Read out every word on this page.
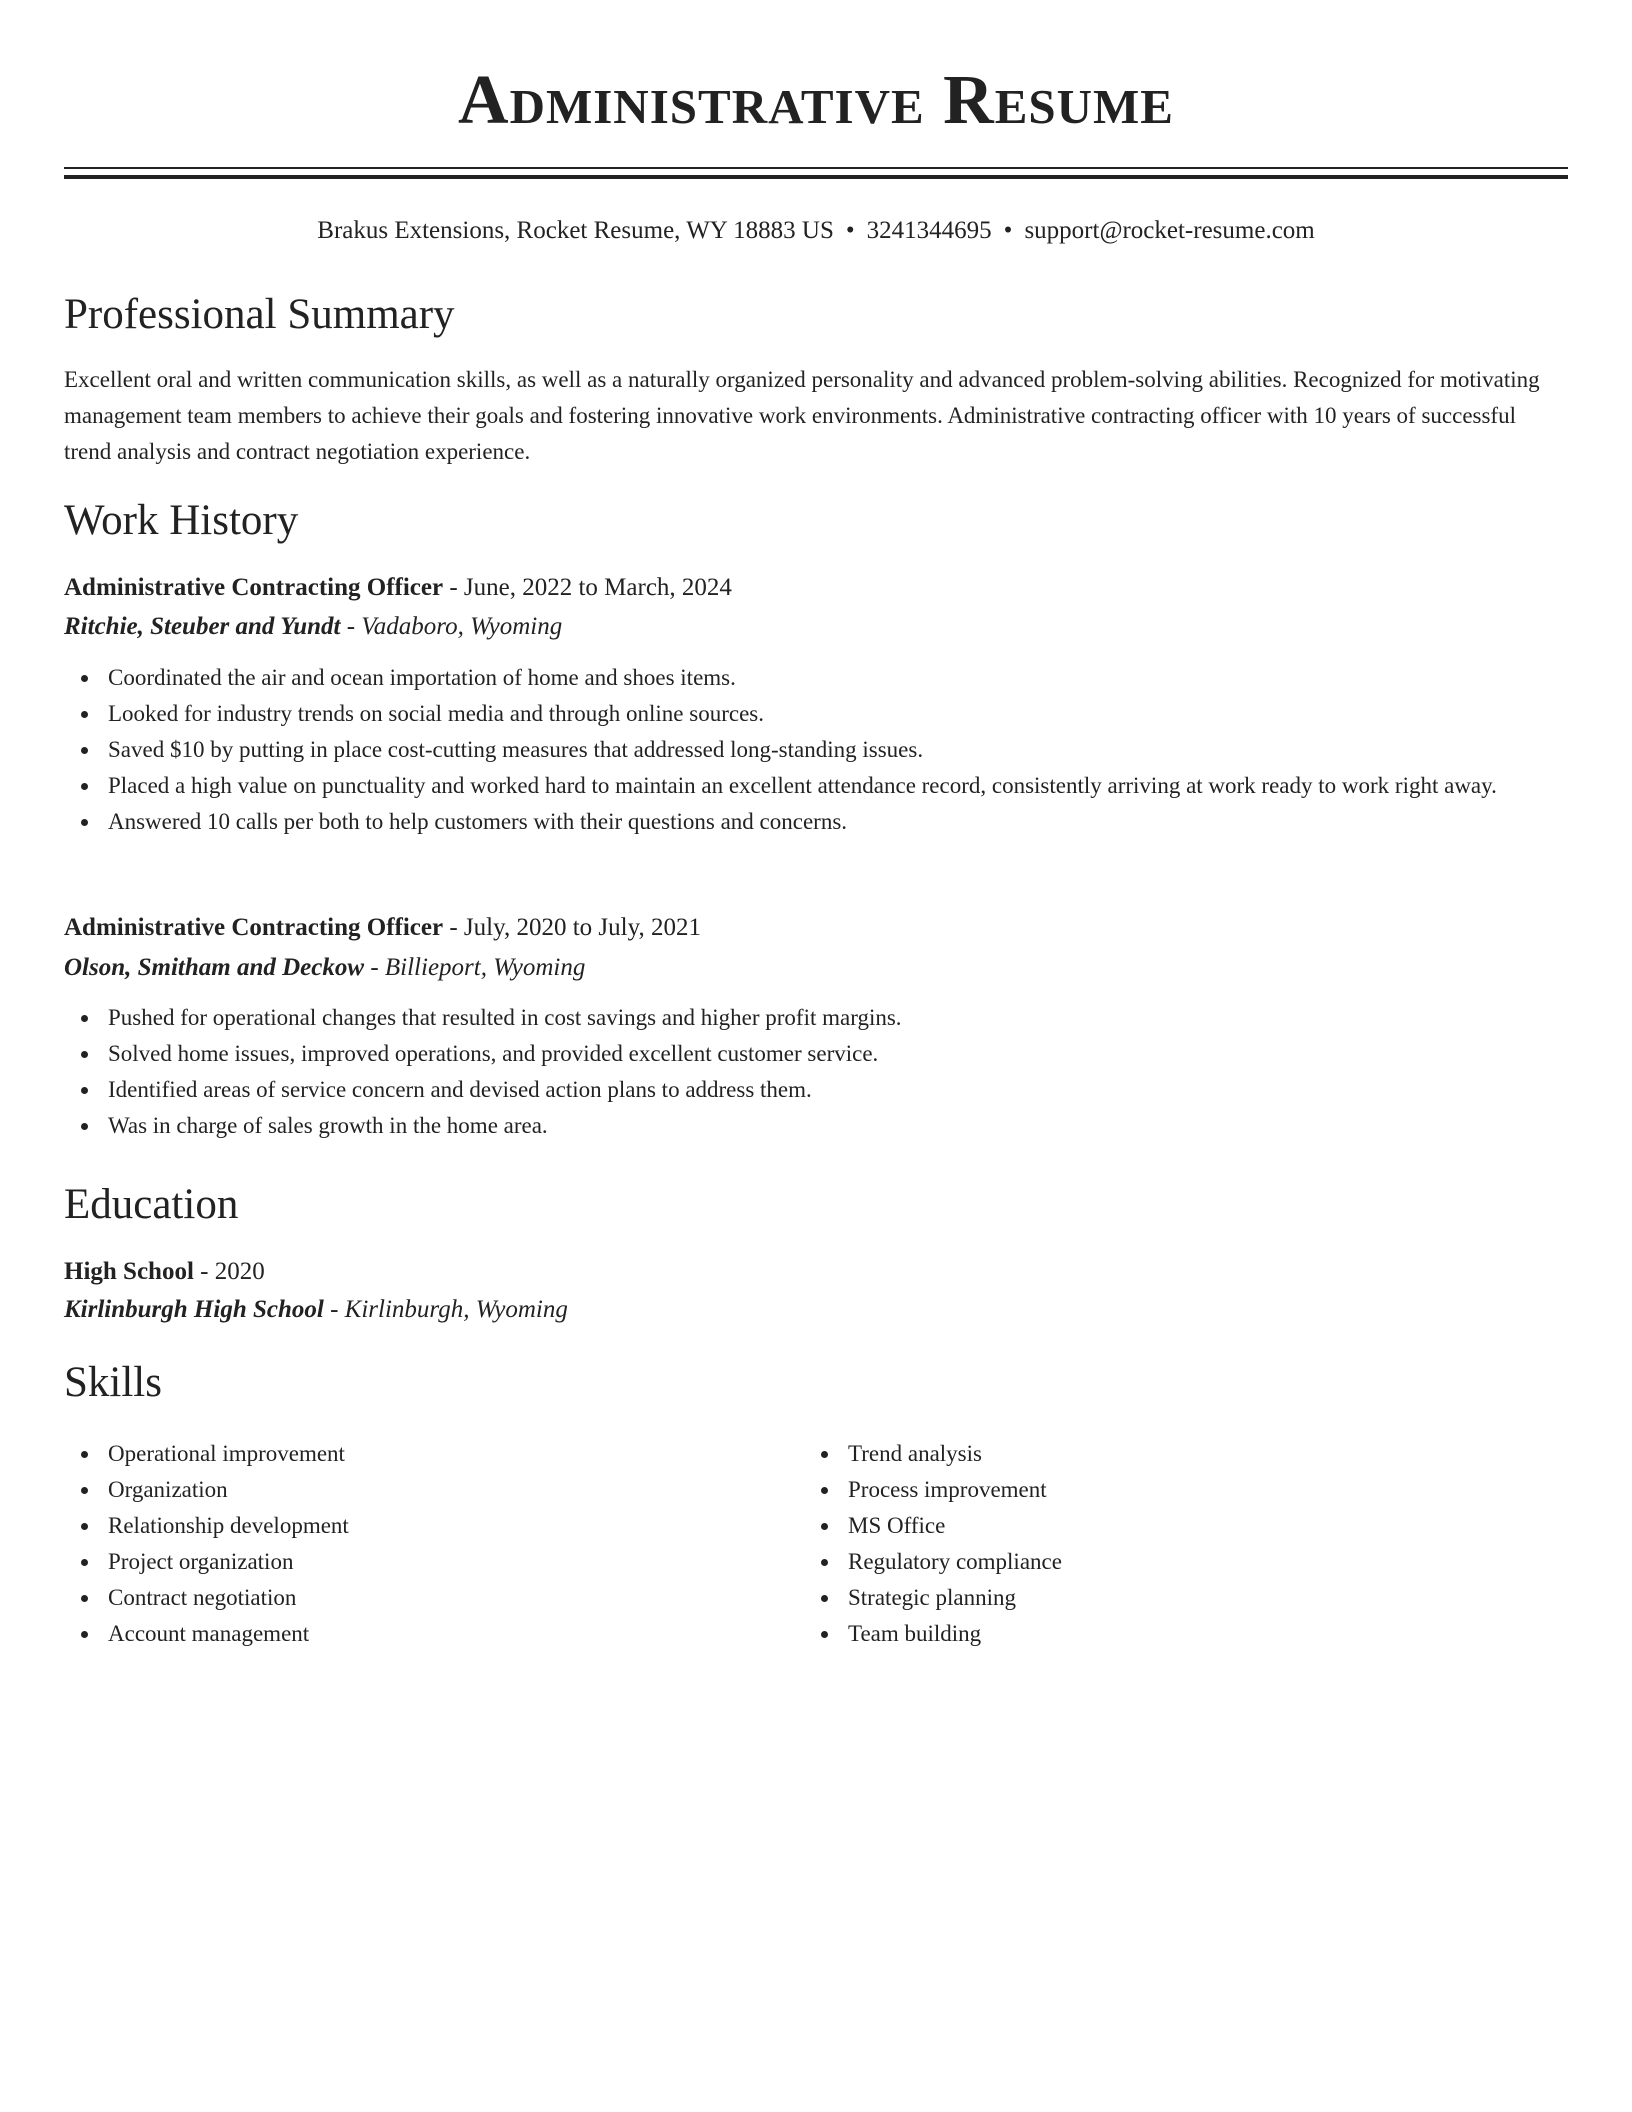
Administrative Resume
Brakus Extensions, Rocket Resume, WY 18883 US • 3241344695 • support@rocket-resume.com
Professional Summary

Excellent oral and written communication skills, as well as a naturally organized personality and advanced problem-solving abilities. Recognized for motivating management team members to achieve their goals and fostering innovative work environments. Administrative contracting officer with 10 years of successful trend analysis and contract negotiation experience.

Work History
Administrative Contracting Officer - June, 2022 to March, 2024
Ritchie, Steuber and Yundt - Vadaboro, Wyoming
Coordinated the air and ocean importation of home and shoes items.
Looked for industry trends on social media and through online sources.
Saved $10 by putting in place cost-cutting measures that addressed long-standing issues.
Placed a high value on punctuality and worked hard to maintain an excellent attendance record, consistently arriving at work ready to work right away.
Answered 10 calls per both to help customers with their questions and concerns.
Administrative Contracting Officer - July, 2020 to July, 2021
Olson, Smitham and Deckow - Billieport, Wyoming
Pushed for operational changes that resulted in cost savings and higher profit margins.
Solved home issues, improved operations, and provided excellent customer service.
Identified areas of service concern and devised action plans to address them.
Was in charge of sales growth in the home area.
Education
High School - 2020
Kirlinburgh High School - Kirlinburgh, Wyoming
Skills
Operational improvement
Organization
Relationship development
Project organization
Contract negotiation
Account management
Trend analysis
Process improvement
MS Office
Regulatory compliance
Strategic planning
Team building
